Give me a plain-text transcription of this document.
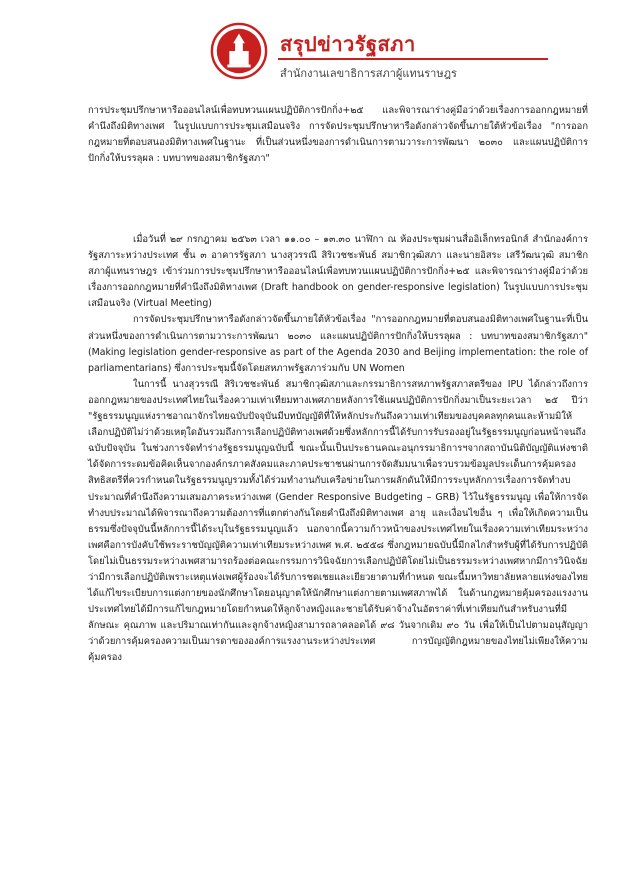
สรุปข่าวรัฐสภา
สำนักงานเลขาธิการสภาผู้แทนราษฎร

การประชุมปรึกษาหารือออนไลน์เพื่อทบทวนแผนปฏิบัติการปักกิ่ง+๒๕ และพิจารณาร่างคู่มือว่าด้วยเรื่องการออกกฎหมายที่คำนึงถึงมิติทางเพศ ในรูปแบบการประชุมเสมือนจริง การจัดประชุมปรึกษาหารือดังกล่าวจัดขึ้นภายใต้หัวข้อเรื่อง "การออกกฎหมายที่ตอบสนองมิติทางเพศในฐานะ ที่เป็นส่วนหนึ่งของการดำเนินการตามวาระการพัฒนา ๒๐๓๐ และแผนปฏิบัติการปักกิ่งให้บรรลุผล : บทบาทของสมาชิกรัฐสภา"

เมื่อวันที่ ๒๙ กรกฎาคม ๒๕๖๓ เวลา ๑๑.๐๐ – ๑๓.๓๐ นาฬิกา ณ ห้องประชุมผ่านสื่ออิเล็กทรอนิกส์ สำนักองค์การรัฐสภาระหว่างประเทศ ชั้น ๓ อาคารรัฐสภา นางสุวรรณี สิริเวชชะพันธ์ สมาชิกวุฒิสภา และนายอิสระ เสรีวัฒนวุฒิ สมาชิกสภาผู้แทนราษฎร เข้าร่วมการประชุมปรึกษาหารือออนไลน์เพื่อทบทวนแผนปฏิบัติการปักกิ่ง+๒๕ และพิจารณาร่างคู่มือว่าด้วยเรื่องการออกกฎหมายที่คำนึงถึงมิติทางเพศ (Draft handbook on gender-responsive legislation) ในรูปแบบการประชุมเสมือนจริง (Virtual Meeting)

การจัดประชุมปรึกษาหารือดังกล่าวจัดขึ้นภายใต้หัวข้อเรื่อง "การออกกฎหมายที่ตอบสนองมิติทางเพศในฐานะที่เป็นส่วนหนึ่งของการดำเนินการตามวาระการพัฒนา ๒๐๓๐ และแผนปฏิบัติการปักกิ่งให้บรรลุผล : บทบาทของสมาชิกรัฐสภา" (Making legislation gender-responsive as part of the Agenda 2030 and Beijing implementation: the role of parliamentarians) ซึ่งการประชุมนี้จัดโดยสหภาพรัฐสภาร่วมกับ UN Women

ในการนี้ นางสุวรรณี สิริเวชชะพันธ์ สมาชิกวุฒิสภาและกรรมาธิการสหภาพรัฐสภาสตรีของ IPU ได้กล่าวถึงการออกกฎหมายของประเทศไทยในเรื่องความเท่าเทียมทางเพศภายหลังการใช้แผนปฏิบัติการปักกิ่งมาเป็นระยะเวลา ๒๕ ปีว่า "รัฐธรรมนูญแห่งราชอาณาจักรไทยฉบับปัจจุบันมีบทบัญญัติที่ให้หลักประกันถึงความเท่าเทียมของบุคคลทุกคนและห้ามมิให้เลือกปฏิบัติไม่ว่าด้วยเหตุใดอันรวมถึงการเลือกปฏิบัติทางเพศด้วยซึ่งหลักการนี้ได้รับการรับรองอยู่ในรัฐธรรมนูญก่อนหน้าจนถึงฉบับปัจจุบัน ในช่วงการจัดทำร่างรัฐธรรมนูญฉบับนี้ ขณะนั้นเป็นประธานคณะอนุกรรมาธิการฯจากสถาบันนิติบัญญัติแห่งชาติได้จัดการระดมข้อคิดเห็นจากองค์กรภาคสังคมและภาคประชาชนผ่านการจัดสัมมนาเพื่อรวบรวมข้อมูลประเด็นการคุ้มครองสิทธิสตรีที่ควรกำหนดในรัฐธรรมนูญรวมทั้งได้ร่วมทำงานกับเครือข่ายในการผลักดันให้มีการระบุหลักการเรื่องการจัดทำงบประมาณที่คำนึงถึงความเสมอภาคระหว่างเพศ (Gender Responsive Budgeting – GRB) ไว้ในรัฐธรรมนูญ เพื่อให้การจัดทำงบประมาณได้พิจารณาถึงความต้องการที่แตกต่างกันโดยคำนึงถึงมิติทางเพศ อายุ และเงื่อนไขอื่น ๆ เพื่อให้เกิดความเป็นธรรมซึ่งปัจจุบันนี้หลักการนี้ได้ระบุในรัฐธรรมนูญแล้ว นอกจากนี้ความก้าวหน้าของประเทศไทยในเรื่องความเท่าเทียมระหว่างเพศคือการบังคับใช้พระราชบัญญัติความเท่าเทียมระหว่างเพศ พ.ศ. ๒๕๕๘ ซึ่งกฎหมายฉบับนี้มีกลไกสำหรับผู้ที่ได้รับการปฏิบัติโดยไม่เป็นธรรมระหว่างเพศสามารถร้องต่อคณะกรรมการวินิจฉัยการเลือกปฏิบัติโดยไม่เป็นธรรมระหว่างเพศหากมีการวินิจฉัยว่ามีการเลือกปฏิบัติเพราะเหตุแห่งเพศผู้ร้องจะได้รับการชดเชยและเยียวยาตามที่กำหนด ขณะนี้มหาวิทยาลัยหลายแห่งของไทยได้แก้ไขระเบียบการแต่งกายของนักศึกษาโดยอนุญาตให้นักศึกษาแต่งกายตามเพศสภาพได้ ในด้านกฎหมายคุ้มครองแรงงาน ประเทศไทยได้มีการแก้ไขกฎหมายโดยกำหนดให้ลูกจ้างหญิงและชายได้รับค่าจ้างในอัตราค่าที่เท่าเทียมกันสำหรับงานที่มีลักษณะ คุณภาพ และปริมาณเท่ากันและลูกจ้างหญิงสามารถลาคลอดได้ ๙๘ วันจากเดิม ๙๐ วัน เพื่อให้เป็นไปตามอนุสัญญาว่าด้วยการคุ้มครองความเป็นมารดาขององค์การแรงงานระหว่างประเทศ การบัญญัติกฎหมายของไทยไม่เพียงให้ความคุ้มครอง
